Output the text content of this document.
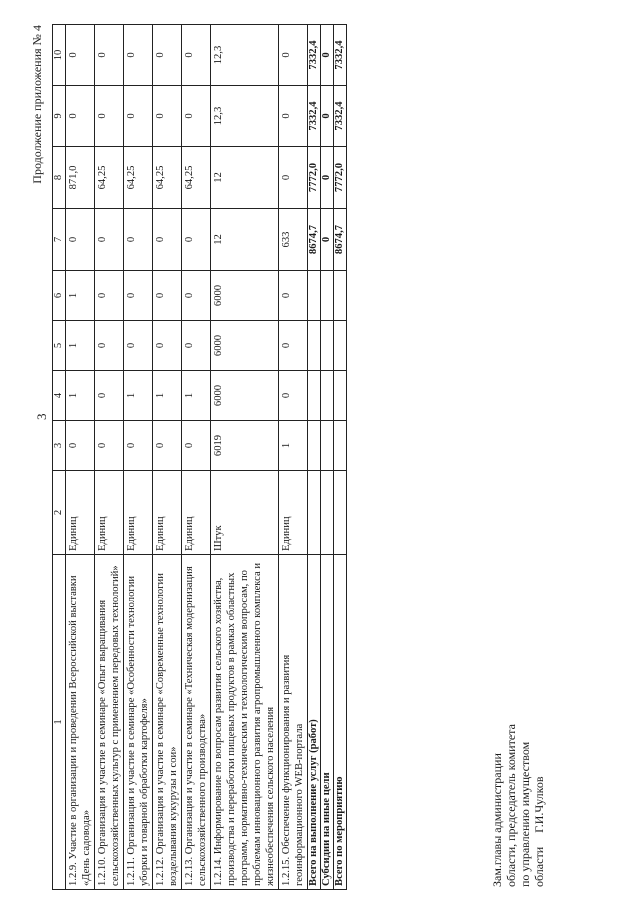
3
Продолжение приложения № 4
1	2	3	4	5	6	7	8	9	10
1.2.9. Участие в организации и проведении Всероссийской выставки «День садовода»	Единиц	0	1	1	1	0	871,0	0	0
1.2.10. Организация и участие в семинаре «Опыт выращивания сельскохозяйственных культур с применением передовых технологий»	Единиц	0	0	0	0	0	64,25	0	0
1.2.11. Организация и участие в семинаре «Особенности технологии уборки и товарной обработки картофеля»	Единиц	0	1	0	0	0	64,25	0	0
1.2.12. Организация и участие в семинаре «Современные технологии возделывания кукурузы и сои»	Единиц	0	1	0	0	0	64,25	0	0
1.2.13. Организация и участие в семинаре «Техническая модернизация сельскохозяйственного производства»	Единиц	0	1	0	0	0	64,25	0	0
1.2.14. Информирование по вопросам развития сельского хозяйства, производства и переработки пищевых продуктов в рамках областных программ, нормативно-техническим и технологическим вопросам, по проблемам инновационного развития агропромышленного комплекса и жизнеобеспечения сельского населения	Штук	6019	6000	6000	6000	12	12	12,3	12,3
1.2.15. Обеспечение функционирования и развития геоинформационного WEB-портала	Единиц	1	0	0	0	633	0	0	0
Всего на выполнение услуг (работ)						8674,7	7772,0	7332,4	7332,4
Субсидии на иные цели						0	0	0	0
Всего по мероприятию						8674,7	7772,0	7332,4	7332,4
Зам.главы администрации области, председатель комитета по управлению имуществом областиГ.И.Чулков
